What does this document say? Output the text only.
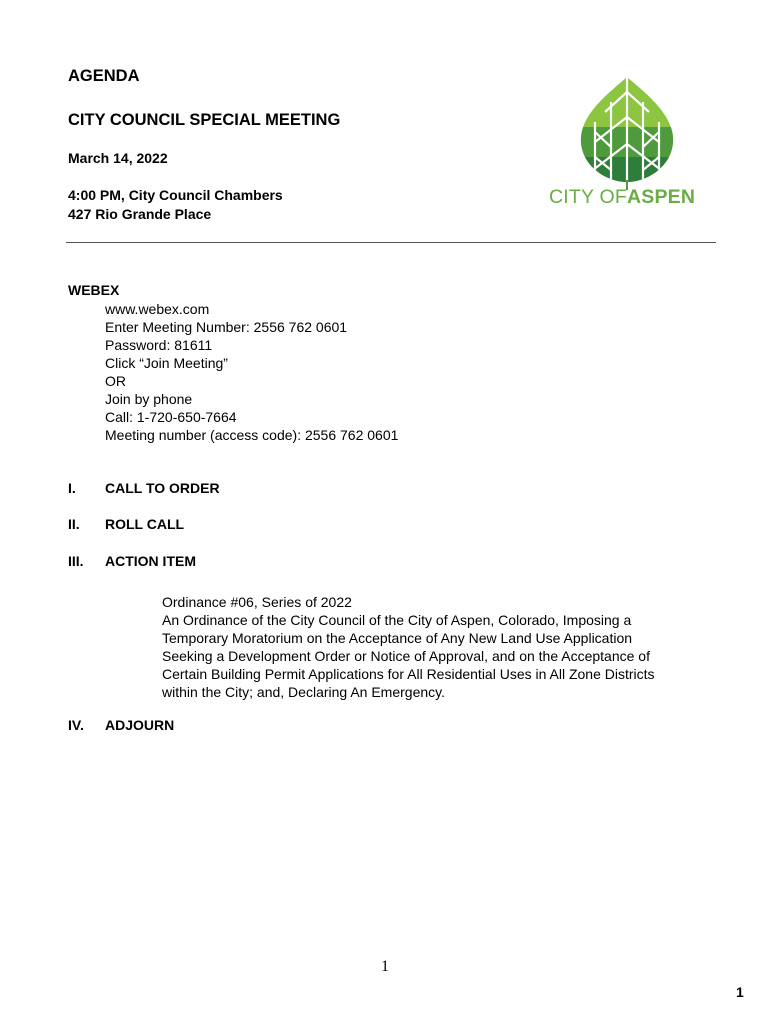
AGENDA
CITY COUNCIL SPECIAL MEETING
March 14, 2022
4:00 PM, City Council Chambers
427 Rio Grande Place
CITY OFASPEN
WEBEX
www.webex.com
Enter Meeting Number: 2556 762 0601
Password: 81611
Click “Join Meeting”
OR
Join by phone
Call: 1-720-650-7664
Meeting number (access code): 2556 762 0601
I. CALL TO ORDER
II. ROLL CALL
III. ACTION ITEM
Ordinance #06, Series of 2022
An Ordinance of the City Council of the City of Aspen, Colorado, Imposing a
Temporary Moratorium on the Acceptance of Any New Land Use Application
Seeking a Development Order or Notice of Approval, and on the Acceptance of
Certain Building Permit Applications for All Residential Uses in All Zone Districts
within the City; and, Declaring An Emergency.
IV. ADJOURN
1
1
